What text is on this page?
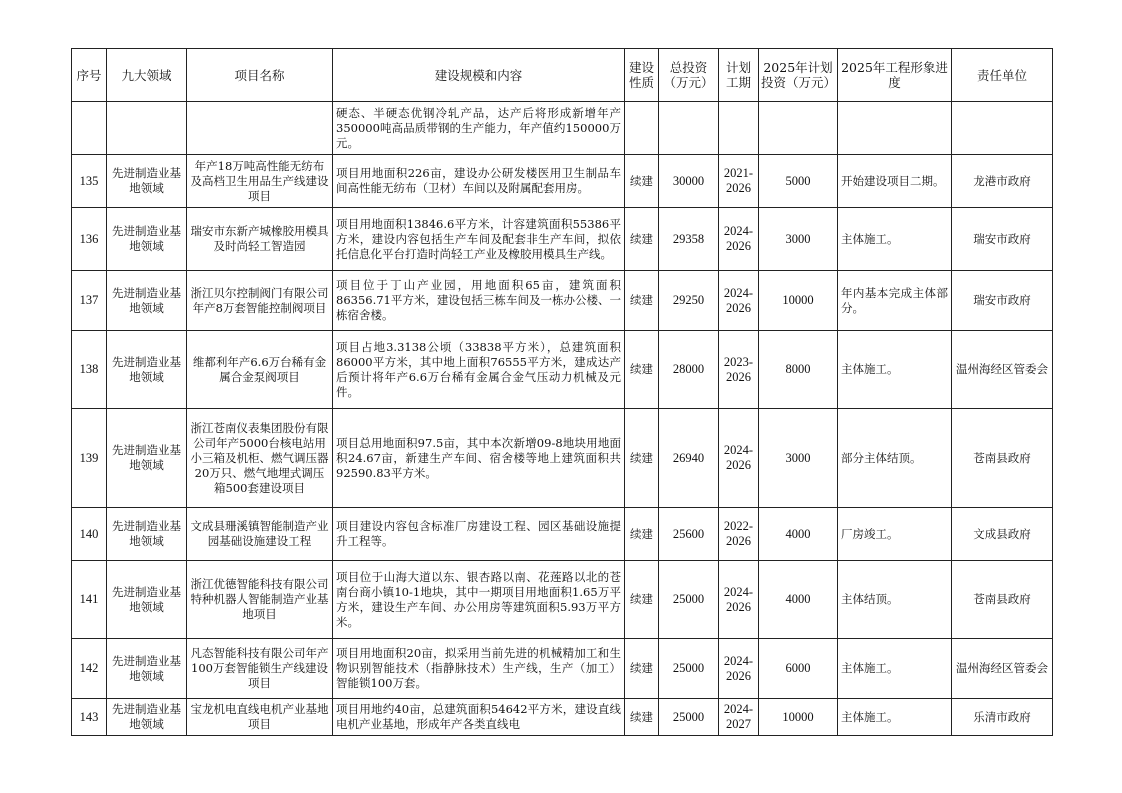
序号	九大领域	项目名称	建设规模和内容	建设性质	总投资（万元）	计划工期	2025年计划投资（万元）	2025年工程形象进度	责任单位
			硬态、半硬态优钢冷轧产品，达产后将形成新增年产350000吨高品质带钢的生产能力，年产值约150000万元。						
135	先进制造业基地领域	年产18万吨高性能无纺布及高档卫生用品生产线建设项目	项目用地面积226亩，建设办公研发楼医用卫生制品车间高性能无纺布（卫材）车间以及附属配套用房。	续建	30000	2021-2026	5000	开始建设项目二期。	龙港市政府
136	先进制造业基地领域	瑞安市东新产城橡胶用模具及时尚轻工智造园	项目用地面积13846.6平方米，计容建筑面积55386平方米，建设内容包括生产车间及配套非生产车间，拟依托信息化平台打造时尚轻工产业及橡胶用模具生产线。	续建	29358	2024-2026	3000	主体施工。	瑞安市政府
137	先进制造业基地领域	浙江贝尔控制阀门有限公司年产8万套智能控制阀项目	项目位于丁山产业园，用地面积65亩，建筑面积86356.71平方米，建设包括三栋车间及一栋办公楼、一栋宿舍楼。	续建	29250	2024-2026	10000	年内基本完成主体部分。	瑞安市政府
138	先进制造业基地领域	维都利年产6.6万台稀有金属合金泵阀项目	项目占地3.3138公顷（33838平方米），总建筑面积86000平方米，其中地上面积76555平方米，建成达产后预计将年产6.6万台稀有金属合金气压动力机械及元件。	续建	28000	2023-2026	8000	主体施工。	温州海经区管委会
139	先进制造业基地领域	浙江苍南仪表集团股份有限公司年产5000台核电站用小三箱及机柜、燃气调压器20万只、燃气地埋式调压箱500套建设项目	项目总用地面积97.5亩，其中本次新增09-8地块用地面积24.67亩，新建生产车间、宿舍楼等地上建筑面积共92590.83平方米。	续建	26940	2024-2026	3000	部分主体结顶。	苍南县政府
140	先进制造业基地领域	文成县珊溪镇智能制造产业园基础设施建设工程	项目建设内容包含标准厂房建设工程、园区基础设施提升工程等。	续建	25600	2022-2026	4000	厂房竣工。	文成县政府
141	先进制造业基地领域	浙江优德智能科技有限公司特种机器人智能制造产业基地项目	项目位于山海大道以东、银杏路以南、花莲路以北的苍南台商小镇10-1地块，其中一期项目用地面积1.65万平方米，建设生产车间、办公用房等建筑面积5.93万平方米。	续建	25000	2024-2026	4000	主体结顶。	苍南县政府
142	先进制造业基地领域	凡态智能科技有限公司年产100万套智能锁生产线建设项目	项目用地面积20亩，拟采用当前先进的机械精加工和生物识别智能技术（指静脉技术）生产线，生产（加工）智能锁100万套。	续建	25000	2024-2026	6000	主体施工。	温州海经区管委会
143	先进制造业基地领域	宝龙机电直线电机产业基地项目	项目用地约40亩，总建筑面积54642平方米，建设直线电机产业基地，形成年产各类直线电	续建	25000	2024-2027	10000	主体施工。	乐清市政府
